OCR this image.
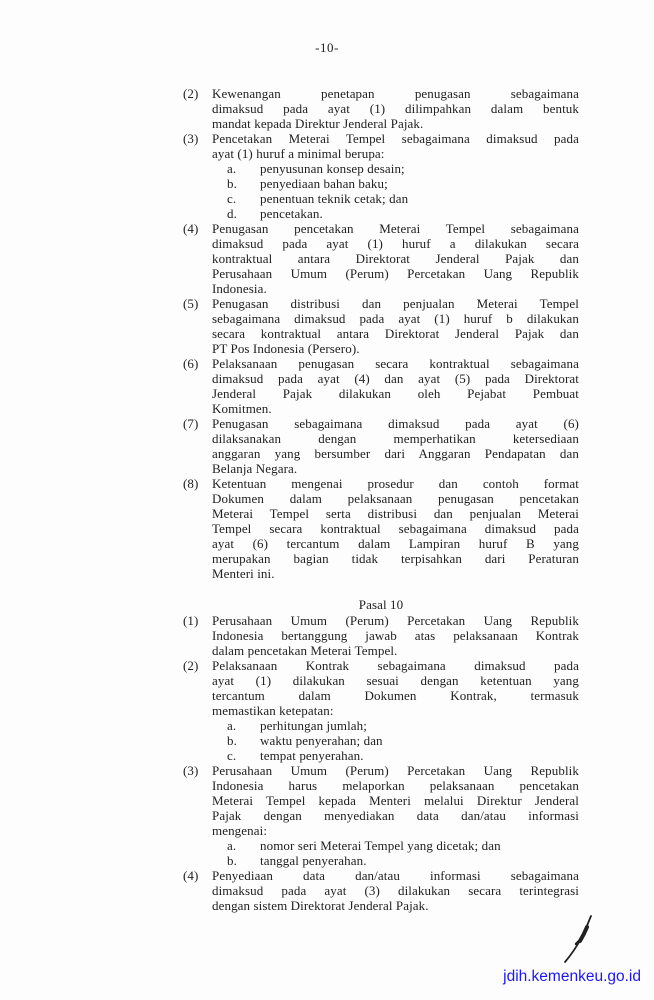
-10-
(2)	Kewenangan penetapan penugasan sebagaimana
dimaksud pada ayat (1) dilimpahkan dalam bentuk
mandat kepada Direktur Jenderal Pajak.
(3)	Pencetakan Meterai Tempel sebagaimana dimaksud pada
ayat (1) huruf a minimal berupa:
a.	penyusunan konsep desain;
b.	penyediaan bahan baku;
c.	penentuan teknik cetak; dan
d.	pencetakan.
(4)	Penugasan pencetakan Meterai Tempel sebagaimana
dimaksud pada ayat (1) huruf a dilakukan secara
kontraktual antara Direktorat Jenderal Pajak dan
Perusahaan Umum (Perum) Percetakan Uang Republik
Indonesia.
(5)	Penugasan distribusi dan penjualan Meterai Tempel
sebagaimana dimaksud pada ayat (1) huruf b dilakukan
secara kontraktual antara Direktorat Jenderal Pajak dan
PT Pos Indonesia (Persero).
(6)	Pelaksanaan penugasan secara kontraktual sebagaimana
dimaksud pada ayat (4) dan ayat (5) pada Direktorat
Jenderal Pajak dilakukan oleh Pejabat Pembuat
Komitmen.
(7)	Penugasan sebagaimana dimaksud pada ayat (6)
dilaksanakan dengan memperhatikan ketersediaan
anggaran yang bersumber dari Anggaran Pendapatan dan
Belanja Negara.
(8)	Ketentuan mengenai prosedur dan contoh format
Dokumen dalam pelaksanaan penugasan pencetakan
Meterai Tempel serta distribusi dan penjualan Meterai
Tempel secara kontraktual sebagaimana dimaksud pada
ayat (6) tercantum dalam Lampiran huruf B yang
merupakan bagian tidak terpisahkan dari Peraturan
Menteri ini.
Pasal 10
(1)	Perusahaan Umum (Perum) Percetakan Uang Republik
Indonesia bertanggung jawab atas pelaksanaan Kontrak
dalam pencetakan Meterai Tempel.
(2)	Pelaksanaan Kontrak sebagaimana dimaksud pada
ayat (1) dilakukan sesuai dengan ketentuan yang
tercantum dalam Dokumen Kontrak, termasuk
memastikan ketepatan:
a.	perhitungan jumlah;
b.	waktu penyerahan; dan
c.	tempat penyerahan.
(3)	Perusahaan Umum (Perum) Percetakan Uang Republik
Indonesia harus melaporkan pelaksanaan pencetakan
Meterai Tempel kepada Menteri melalui Direktur Jenderal
Pajak dengan menyediakan data dan/atau informasi
mengenai:
a.	nomor seri Meterai Tempel yang dicetak; dan
b.	tanggal penyerahan.
(4)	Penyediaan data dan/atau informasi sebagaimana
dimaksud pada ayat (3) dilakukan secara terintegrasi
dengan sistem Direktorat Jenderal Pajak.
jdih.kemenkeu.go.id
